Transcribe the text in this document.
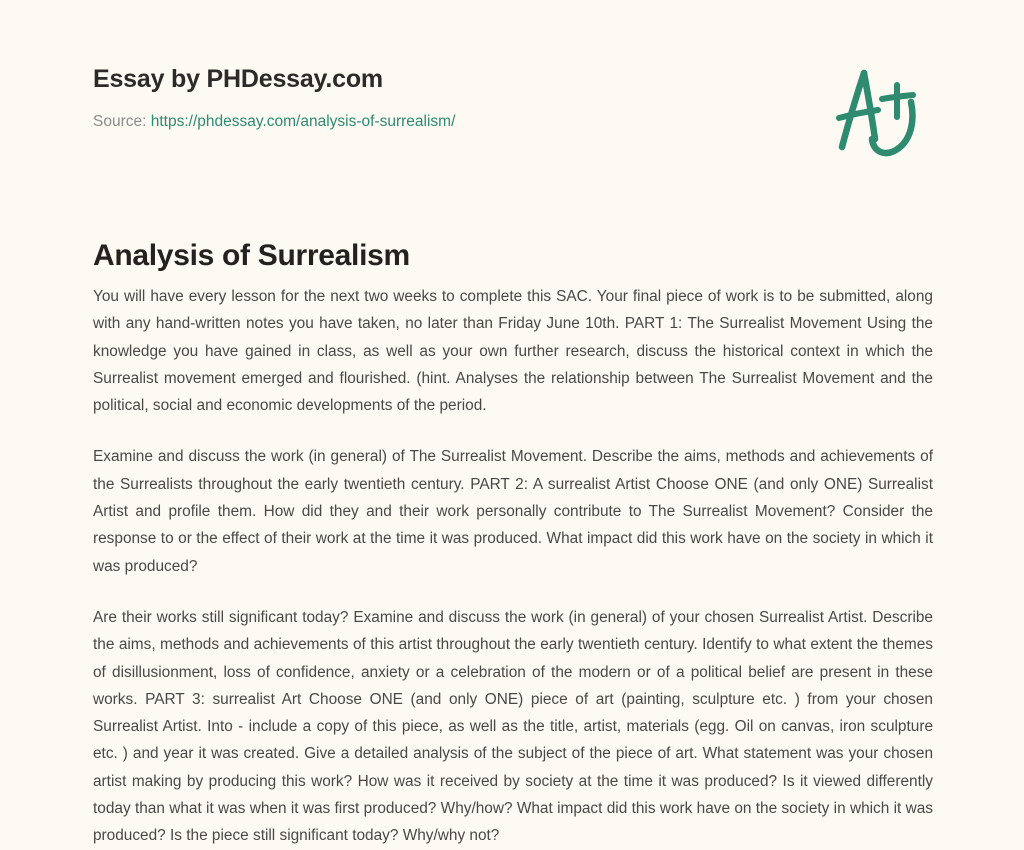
Essay by PHDessay.com
Source: https://phdessay.com/analysis-of-surrealism/
Analysis of Surrealism

You will have every lesson for the next two weeks to complete this SAC. Your final piece of work is to be submitted, along with any hand-written notes you have taken, no later than Friday June 10th. PART 1: The Surrealist Movement Using the knowledge you have gained in class, as well as your own further research, discuss the historical context in which the Surrealist movement emerged and flourished. (hint. Analyses the relationship between The Surrealist Movement and the political, social and economic developments of the period.

Examine and discuss the work (in general) of The Surrealist Movement. Describe the aims, methods and achievements of the Surrealists throughout the early twentieth century. PART 2: A surrealist Artist Choose ONE (and only ONE) Surrealist Artist and profile them. How did they and their work personally contribute to The Surrealist Movement? Consider the response to or the effect of their work at the time it was produced. What impact did this work have on the society in which it was produced?

Are their works still significant today? Examine and discuss the work (in general) of your chosen Surrealist Artist. Describe the aims, methods and achievements of this artist throughout the early twentieth century. Identify to what extent the themes of disillusionment, loss of confidence, anxiety or a celebration of the modern or of a political belief are present in these works. PART 3: surrealist Art Choose ONE (and only ONE) piece of art (painting, sculpture etc. ) from your chosen Surrealist Artist. Into - include a copy of this piece, as well as the title, artist, materials (egg. Oil on canvas, iron sculpture etc. ) and year it was created. Give a detailed analysis of the subject of the piece of art. What statement was your chosen artist making by producing this work? How was it received by society at the time it was produced? Is it viewed differently today than what it was when it was first produced? Why/how? What impact did this work have on the society in which it was produced? Is the piece still significant today? Why/why not?
